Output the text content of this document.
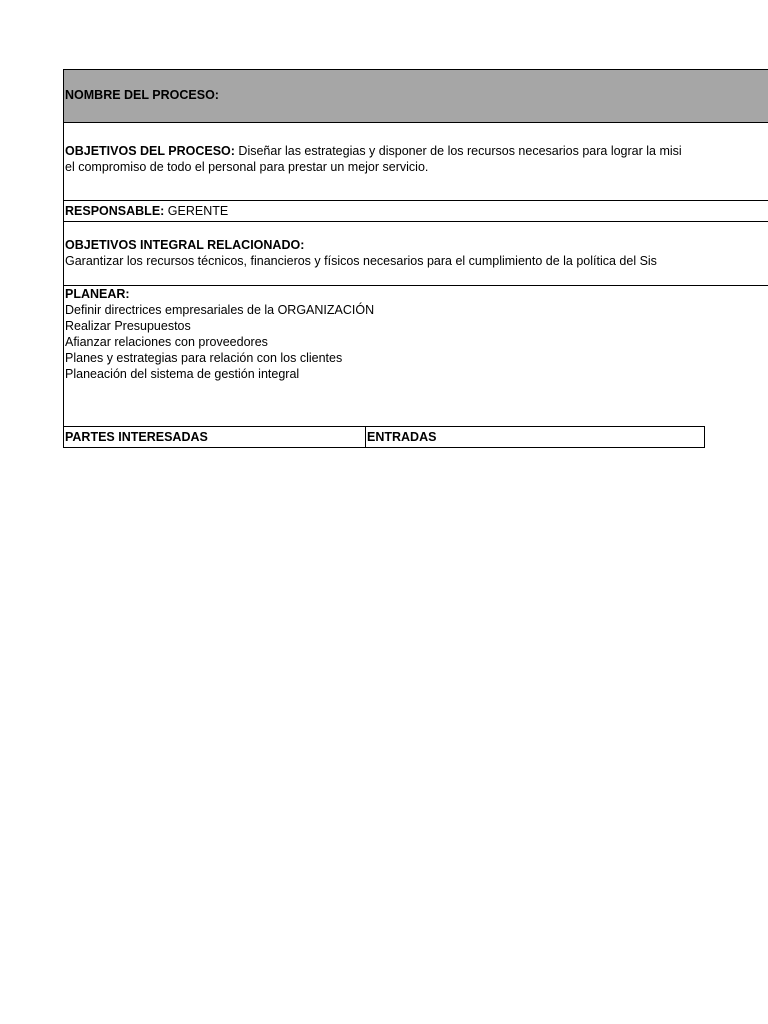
NOMBRE DEL PROCESO:
OBJETIVOS DEL PROCESO: Diseñar las estrategias y disponer de los recursos necesarios para lograr la misi
el compromiso de todo el personal para prestar un mejor servicio.
RESPONSABLE: GERENTE
OBJETIVOS INTEGRAL RELACIONADO:
Garantizar los recursos técnicos, financieros y físicos necesarios para el cumplimiento de la política del Sis
PLANEAR:
Definir directrices empresariales de la ORGANIZACIÓN
Realizar Presupuestos
Afianzar relaciones con proveedores
Planes y estrategias para relación con los clientes
Planeación del sistema de gestión integral
PARTES INTERESADAS	ENTRADAS
